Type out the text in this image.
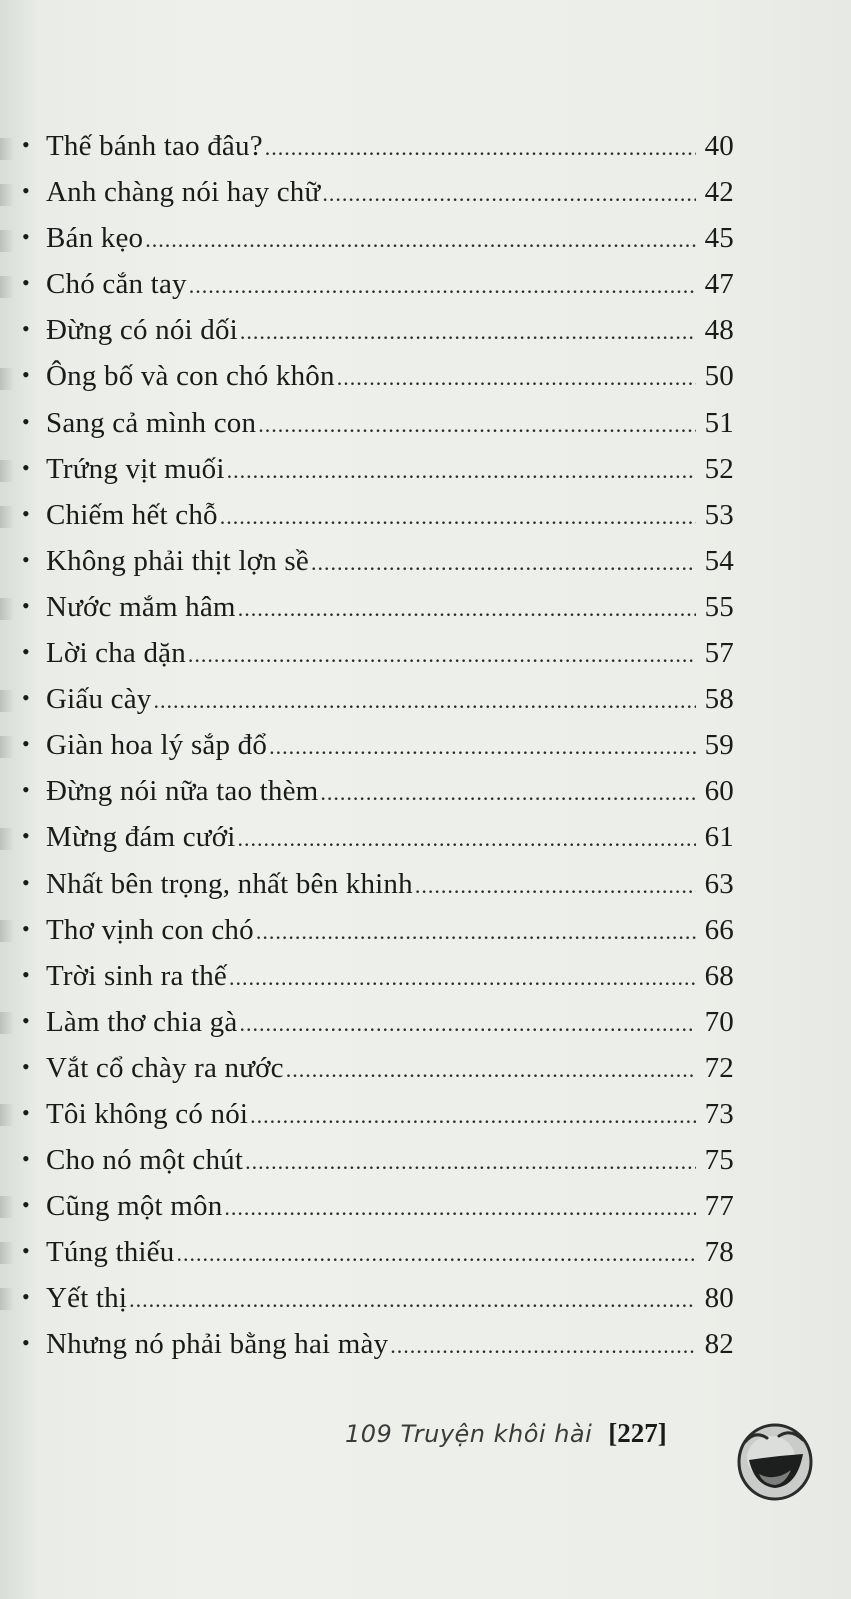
• Thế bánh tao đâu? .....	40
• Anh chàng nói hay chữ .....	42
• Bán kẹo .....	45
• Chó cắn tay .....	47
• Đừng có nói dối .....	48
• Ông bố và con chó khôn .....	50
• Sang cả mình con .....	51
• Trứng vịt muối .....	52
• Chiếm hết chỗ .....	53
• Không phải thịt lợn sề .....	54
• Nước mắm hâm .....	55
• Lời cha dặn .....	57
• Giấu cày .....	58
• Giàn hoa lý sắp đổ .....	59
• Đừng nói nữa tao thèm .....	60
• Mừng đám cưới .....	61
• Nhất bên trọng, nhất bên khinh .....	63
• Thơ vịnh con chó .....	66
• Trời sinh ra thế .....	68
• Làm thơ chia gà .....	70
• Vắt cổ chày ra nước .....	72
• Tôi không có nói .....	73
• Cho nó một chút .....	75
• Cũng một môn .....	77
• Túng thiếu .....	78
• Yết thị .....	80
• Nhưng nó phải bằng hai mày .....	82
109 Truyện khôi hài [227]
